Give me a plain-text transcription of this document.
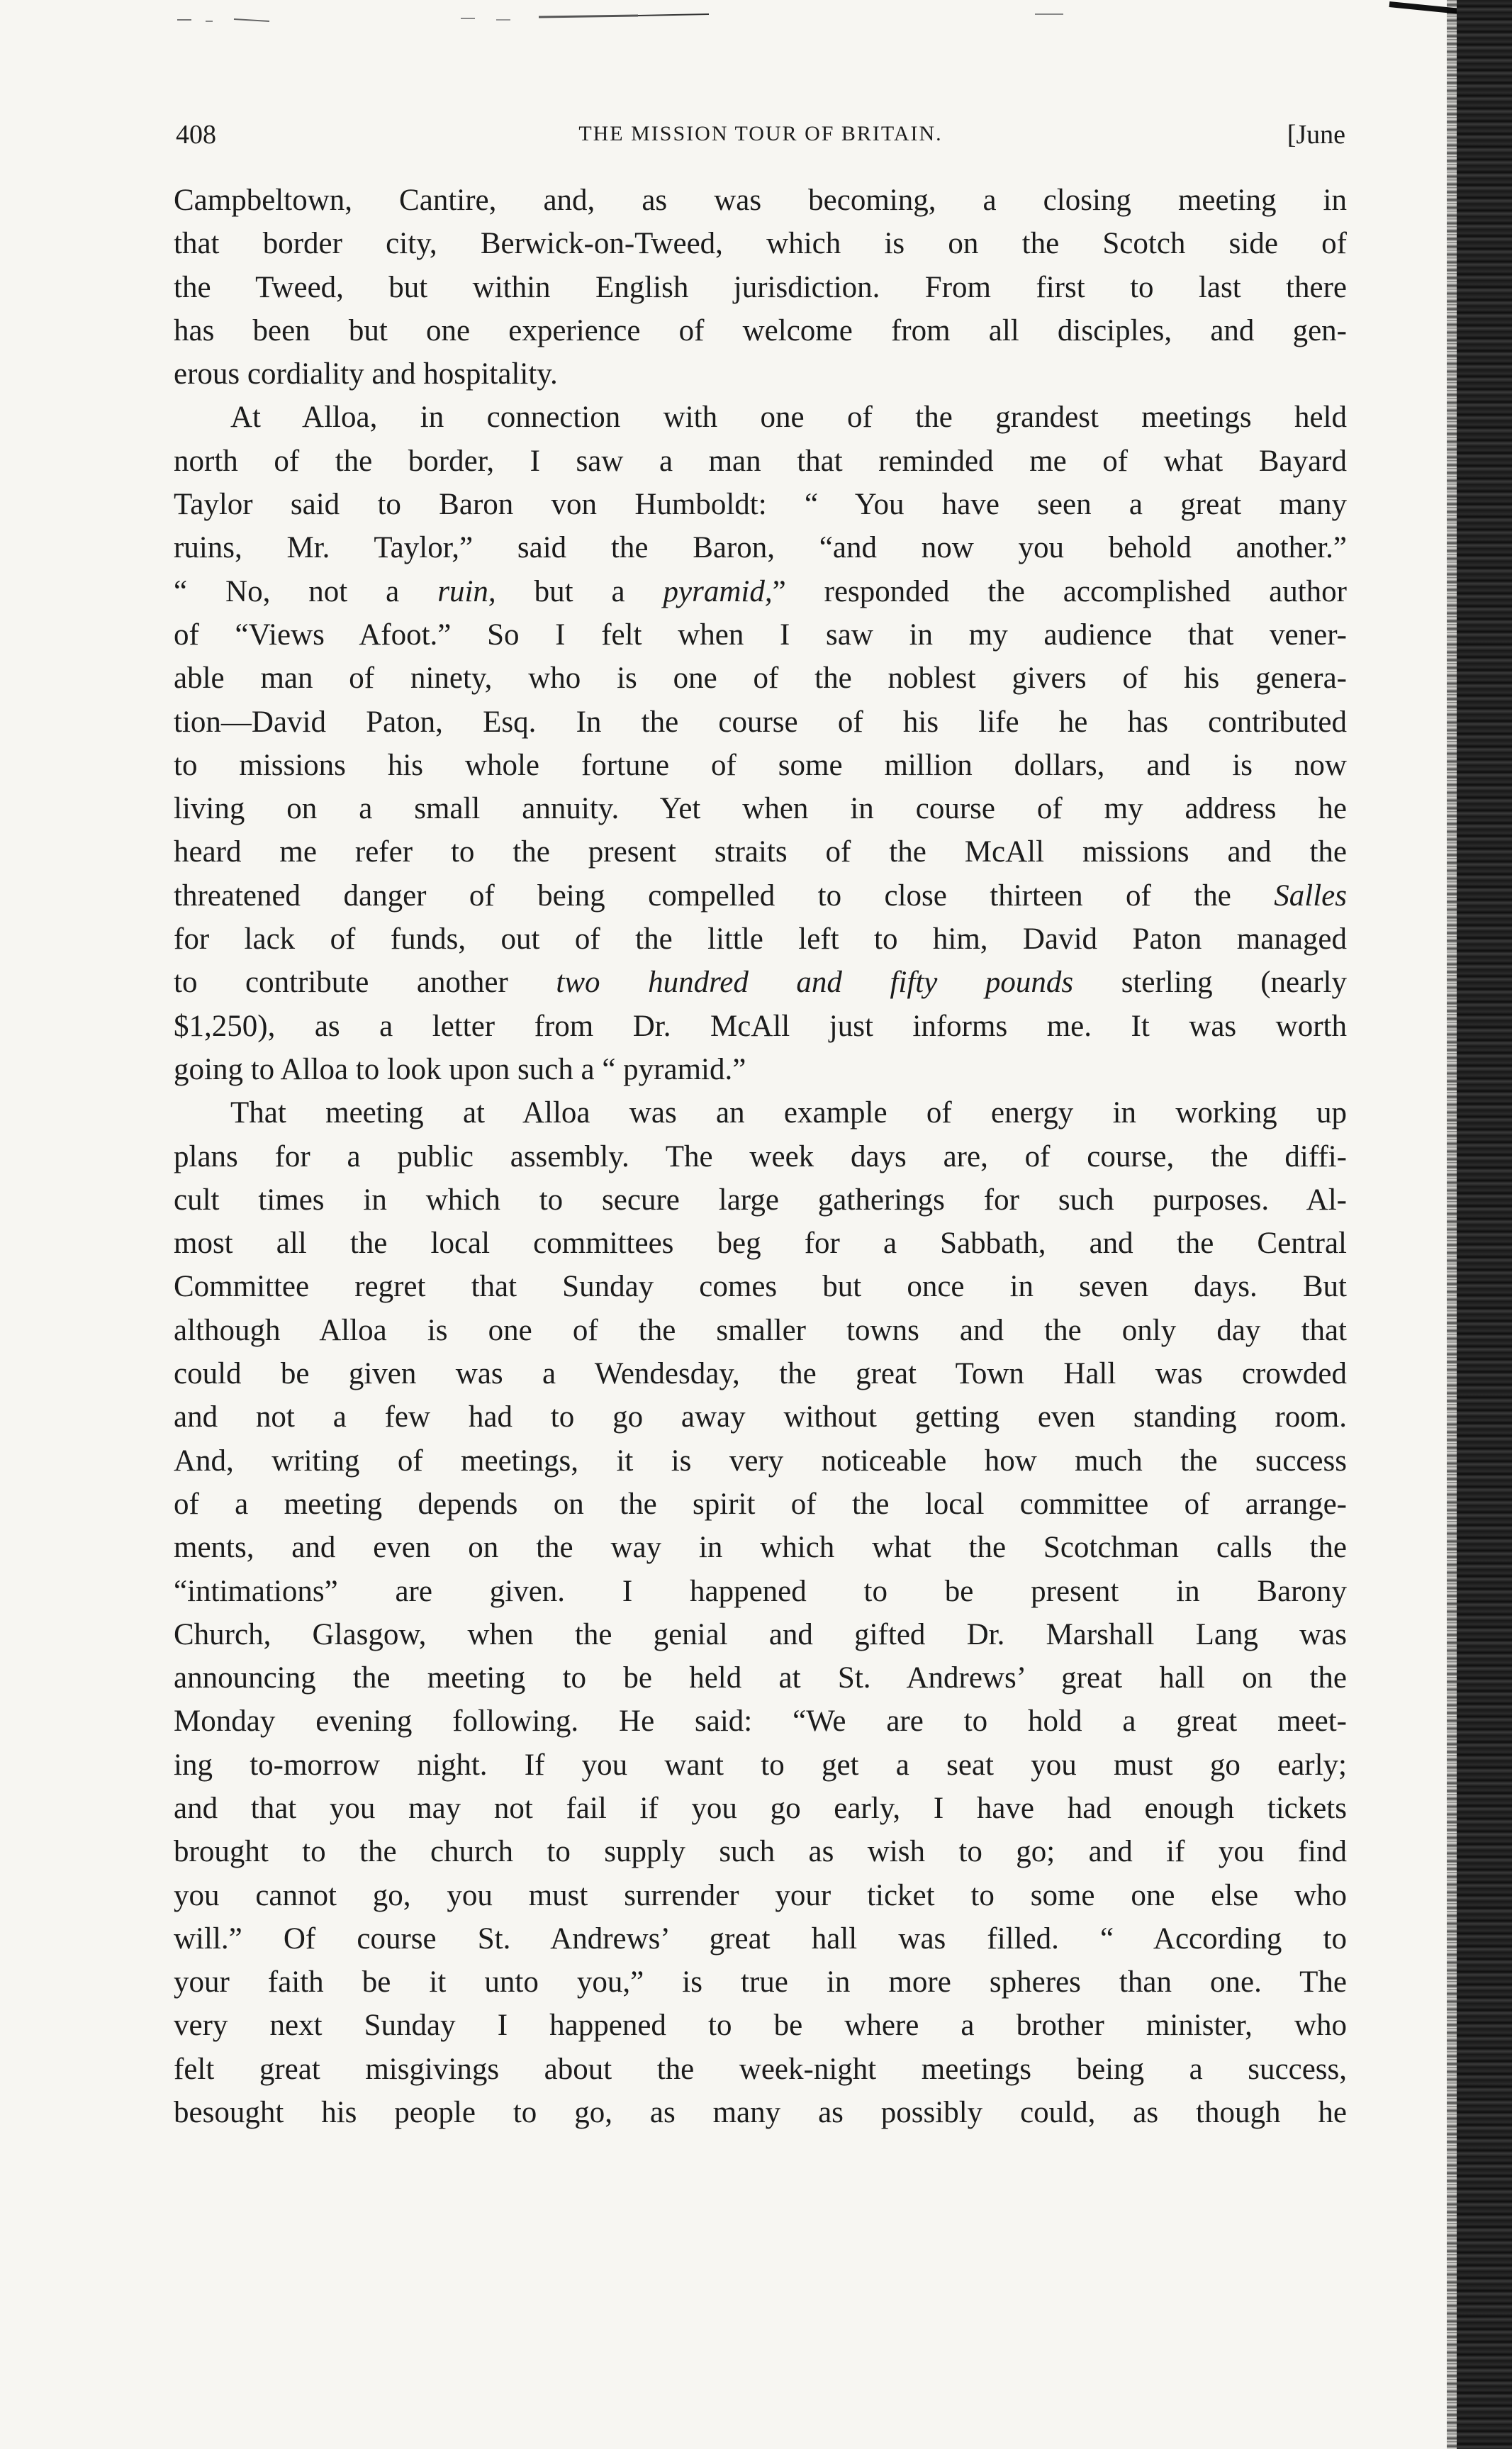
408	THE MISSION TOUR OF BRITAIN.	[June
Campbeltown, Cantire, and, as was becoming, a closing meeting in
that border city, Berwick-on-Tweed, which is on the Scotch side of
the Tweed, but within English jurisdiction. From first to last there
has been but one experience of welcome from all disciples, and gen-
erous cordiality and hospitality.
At Alloa, in connection with one of the grandest meetings held
north of the border, I saw a man that reminded me of what Bayard
Taylor said to Baron von Humboldt: “ You have seen a great many
ruins, Mr. Taylor,” said the Baron, “and now you behold another.”
“ No, not a ruin, but a pyramid,” responded the accomplished author
of “Views Afoot.” So I felt when I saw in my audience that vener-
able man of ninety, who is one of the noblest givers of his genera-
tion—David Paton, Esq. In the course of his life he has contributed
to missions his whole fortune of some million dollars, and is now
living on a small annuity. Yet when in course of my address he
heard me refer to the present straits of the McAll missions and the
threatened danger of being compelled to close thirteen of the Salles
for lack of funds, out of the little left to him, David Paton managed
to contribute another two hundred and fifty pounds sterling (nearly
$1,250), as a letter from Dr. McAll just informs me. It was worth
going to Alloa to look upon such a “ pyramid.”
That meeting at Alloa was an example of energy in working up
plans for a public assembly. The week days are, of course, the diffi-
cult times in which to secure large gatherings for such purposes. Al-
most all the local committees beg for a Sabbath, and the Central
Committee regret that Sunday comes but once in seven days. But
although Alloa is one of the smaller towns and the only day that
could be given was a Wendesday, the great Town Hall was crowded
and not a few had to go away without getting even standing room.
And, writing of meetings, it is very noticeable how much the success
of a meeting depends on the spirit of the local committee of arrange-
ments, and even on the way in which what the Scotchman calls the
“intimations” are given. I happened to be present in Barony
Church, Glasgow, when the genial and gifted Dr. Marshall Lang was
announcing the meeting to be held at St. Andrews’ great hall on the
Monday evening following. He said: “We are to hold a great meet-
ing to-morrow night. If you want to get a seat you must go early;
and that you may not fail if you go early, I have had enough tickets
brought to the church to supply such as wish to go; and if you find
you cannot go, you must surrender your ticket to some one else who
will.” Of course St. Andrews’ great hall was filled. “ According to
your faith be it unto you,” is true in more spheres than one. The
very next Sunday I happened to be where a brother minister, who
felt great misgivings about the week-night meetings being a success,
besought his people to go, as many as possibly could, as though he
